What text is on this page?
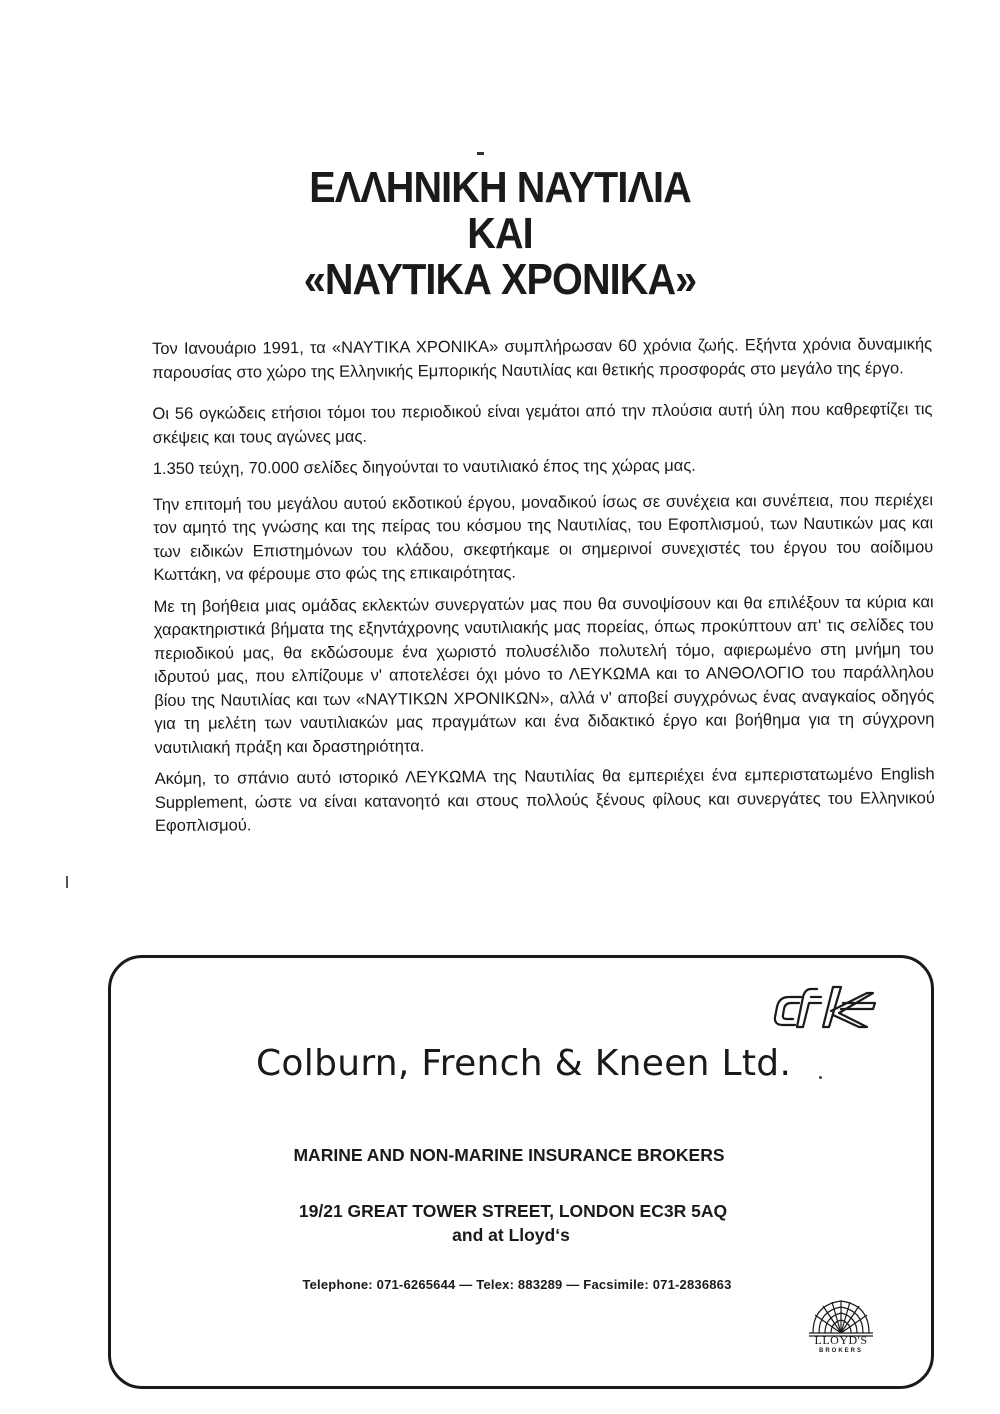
ΕΛΛΗΝΙΚΗ ΝΑΥΤΙΛΙΑ
ΚΑΙ
«ΝΑΥΤΙΚΑ ΧΡΟΝΙΚΑ»

Τον Ιανουάριο 1991, τα «ΝΑΥΤΙΚΑ ΧΡΟΝΙΚΑ» συμπλήρωσαν 60 χρόνια ζωής. Εξήντα χρόνια δυναμικής παρουσίας στο χώρο της Ελληνικής Εμπορικής Ναυτιλίας και θετικής προσφοράς στο μεγάλο της έργο.

Οι 56 ογκώδεις ετήσιοι τόμοι του περιοδικού είναι γεμάτοι από την πλούσια αυτή ύλη που καθρεφτίζει τις σκέψεις και τους αγώνες μας.

1.350 τεύχη, 70.000 σελίδες διηγούνται το ναυτιλιακό έπος της χώρας μας.

Την επιτομή του μεγάλου αυτού εκδοτικού έργου, μοναδικού ίσως σε συνέχεια και συνέπεια, που περιέχει τον αμητό της γνώσης και της πείρας του κόσμου της Ναυτιλίας, του Εφοπλισμού, των Ναυτικών μας και των ειδικών Επιστημόνων του κλάδου, σκεφτήκαμε οι σημερινοί συνεχιστές του έργου του αοίδιμου Κωττάκη, να φέρουμε στο φώς της επικαιρότητας.

Με τη βοήθεια μιας ομάδας εκλεκτών συνεργατών μας που θα συνοψίσουν και θα επιλέξουν τα κύρια και χαρακτηριστικά βήματα της εξηντάχρονης ναυτιλιακής μας πορείας, όπως προκύπτουν απ' τις σελίδες του περιοδικού μας, θα εκδώσουμε ένα χωριστό πολυσέλιδο πολυτελή τόμο, αφιερωμένο στη μνήμη του ιδρυτού μας, που ελπίζουμε ν' αποτελέσει όχι μόνο το ΛΕΥΚΩΜΑ και το ΑΝΘΟΛΟΓΙΟ του παράλληλου βίου της Ναυτιλίας και των «ΝΑΥΤΙΚΩΝ ΧΡΟΝΙΚΩΝ», αλλά ν' αποβεί συγχρόνως ένας αναγκαίος οδηγός για τη μελέτη των ναυτιλιακών μας πραγμάτων και ένα διδακτικό έργο και βοήθημα για τη σύγχρονη ναυτιλιακή πράξη και δραστηριότητα.

Ακόμη, το σπάνιο αυτό ιστορικό ΛΕΥΚΩΜΑ της Ναυτιλίας θα εμπεριέχει ένα εμπεριστατωμένο English Supplement, ώστε να είναι κατανοητό και στους πολλούς ξένους φίλους και συνεργάτες του Ελληνικού Εφοπλισμού.

cfk
Colburn, French & Kneen Ltd.
MARINE AND NON-MARINE INSURANCE BROKERS
19/21 GREAT TOWER STREET, LONDON EC3R 5AQ
and at Lloyd‘s
Telephone: 071-6265644 — Telex: 883289 — Facsimile: 071-2836863
LLOYD'S
BROKERS
